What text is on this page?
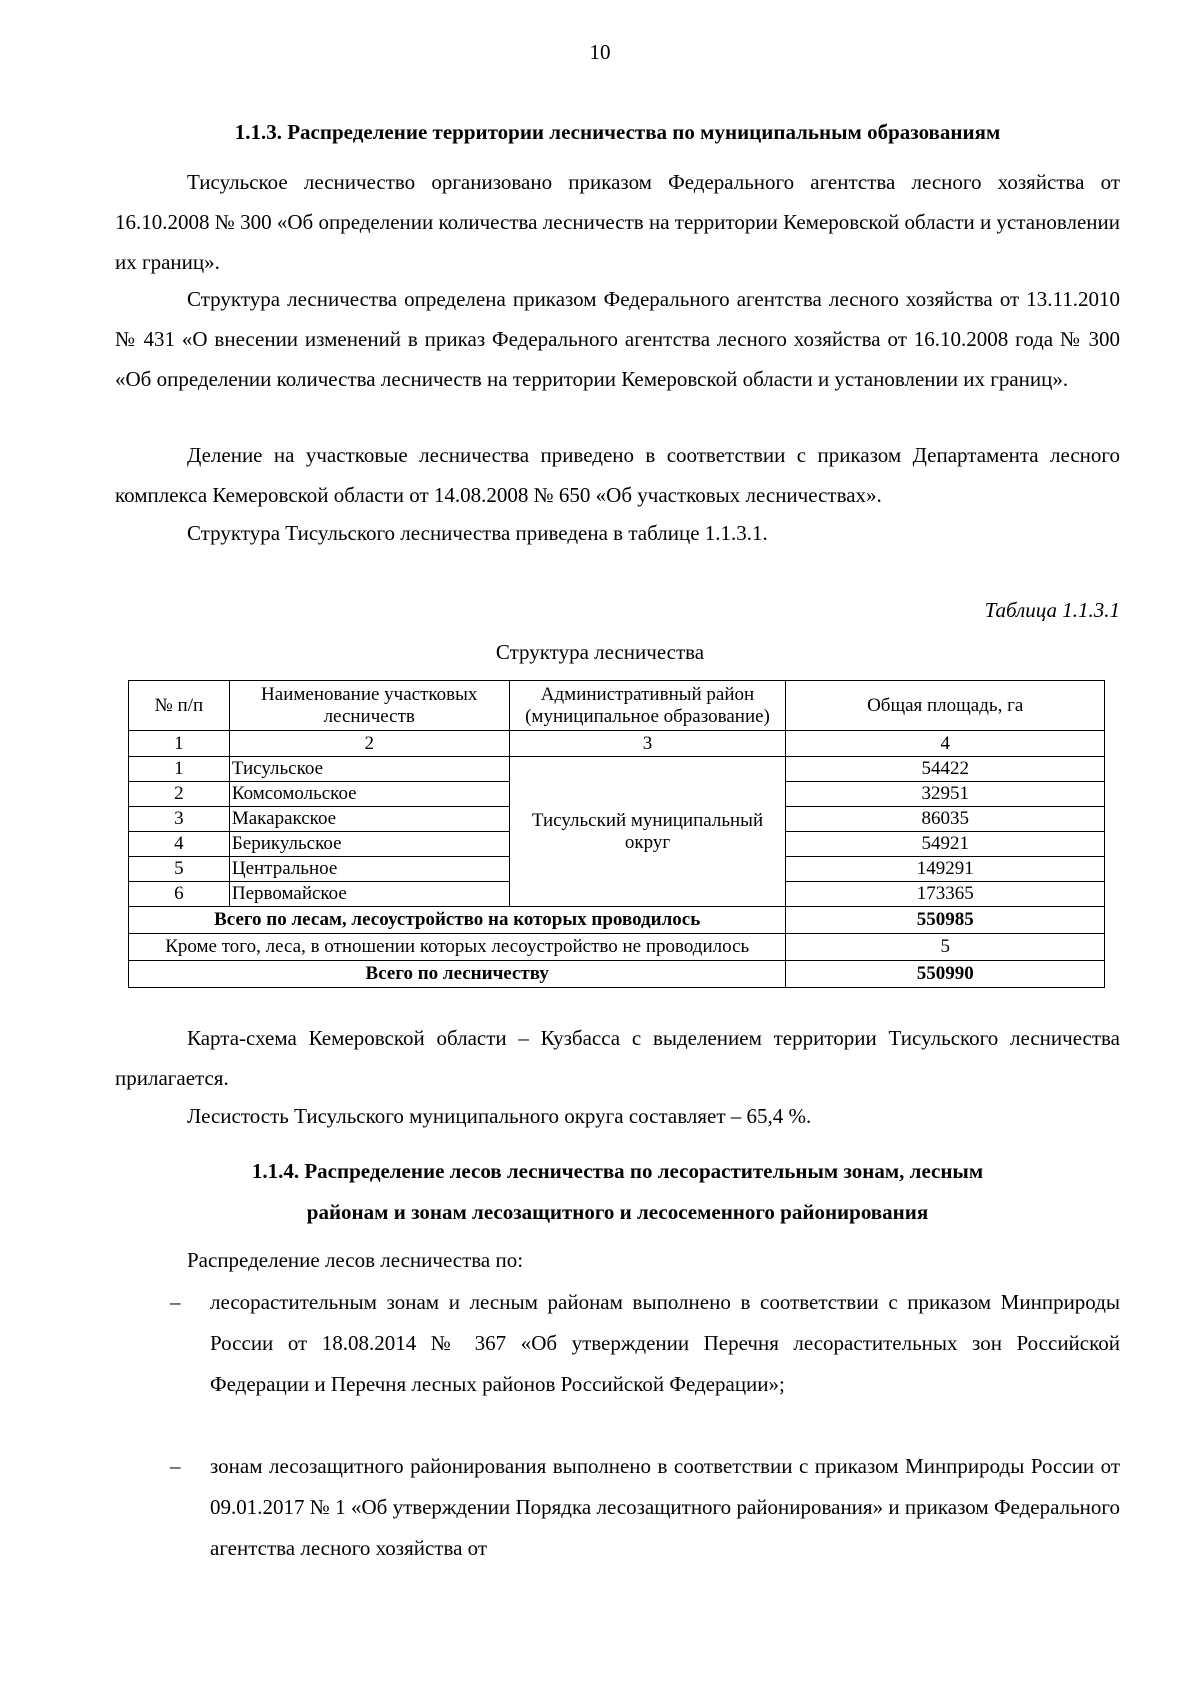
10
1.1.3. Распределение территории лесничества по муниципальным образованиям

Тисульское лесничество организовано приказом Федерального агентства лесного хозяйства от 16.10.2008 № 300 «Об определении количества лесничеств на территории Кемеровской области и установлении их границ».

Структура лесничества определена приказом Федерального агентства лесного хозяйства от 13.11.2010 № 431 «О внесении изменений в приказ Федерального агентства лесного хозяйства от 16.10.2008 года № 300 «Об определении количества лесничеств на территории Кемеровской области и установлении их границ».

Деление на участковые лесничества приведено в соответствии с приказом Департамента лесного комплекса Кемеровской области от 14.08.2008 № 650 «Об участковых лесничествах».

Структура Тисульского лесничества приведена в таблице 1.1.3.1.

Таблица 1.1.3.1
Структура лесничества
№ п/п	Наименование участковых лесничеств	Административный район (муниципальное образование)	Общая площадь, га
1	2	3	4
1	Тисульское	Тисульский муниципальный округ	54422
2	Комсомольское		32951
3	Макаракское		86035
4	Берикульское		54921
5	Центральное		149291
6	Первомайское		173365
Всего по лесам, лесоустройство на которых проводилось			550985
Кроме того, леса, в отношении которых лесоустройство не проводилось			5
Всего по лесничеству			550990

Карта-схема Кемеровской области – Кузбасса с выделением территории Тисульского лесничества прилагается.

Лесистость Тисульского муниципального округа составляет – 65,4 %.

1.1.4. Распределение лесов лесничества по лесорастительным зонам, лесным
районам и зонам лесозащитного и лесосеменного районирования

Распределение лесов лесничества по:

– лесорастительным зонам и лесным районам выполнено в соответствии с приказом Минприроды России от 18.08.2014 № 367 «Об утверждении Перечня лесорастительных зон Российской Федерации и Перечня лесных районов Российской Федерации»;
– зонам лесозащитного районирования выполнено в соответствии с приказом Минприроды России от 09.01.2017 № 1 «Об утверждении Порядка лесозащитного районирования» и приказом Федерального агентства лесного хозяйства от
